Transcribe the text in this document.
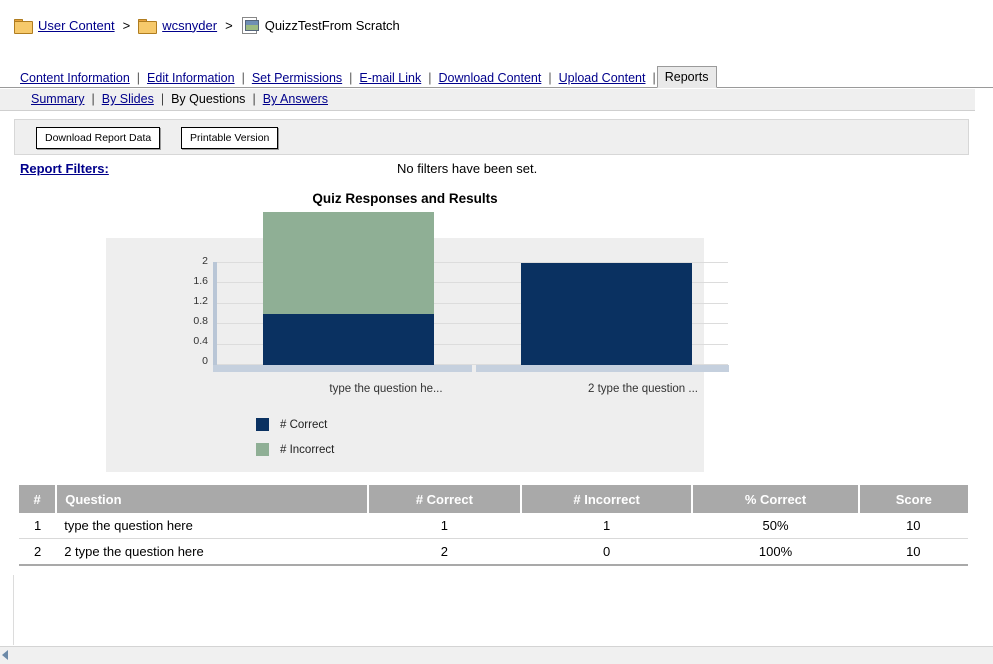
User Content > wcsnyder > QuizzTestFrom Scratch
Content Information | Edit Information | Set Permissions | E-mail Link | Download Content | Upload Content | Reports
Summary | By Slides | By Questions | By Answers
Download Report Data	Printable Version
Report Filters:	No filters have been set.
Quiz Responses and Results
2
1.6
1.2
0.8
0.4
0
type the question he...	2 type the question ...
# Correct
# Incorrect
#	Question	# Correct	# Incorrect	% Correct	Score
1	type the question here	1	1	50%	10
2	2 type the question here	2	0	100%	10
